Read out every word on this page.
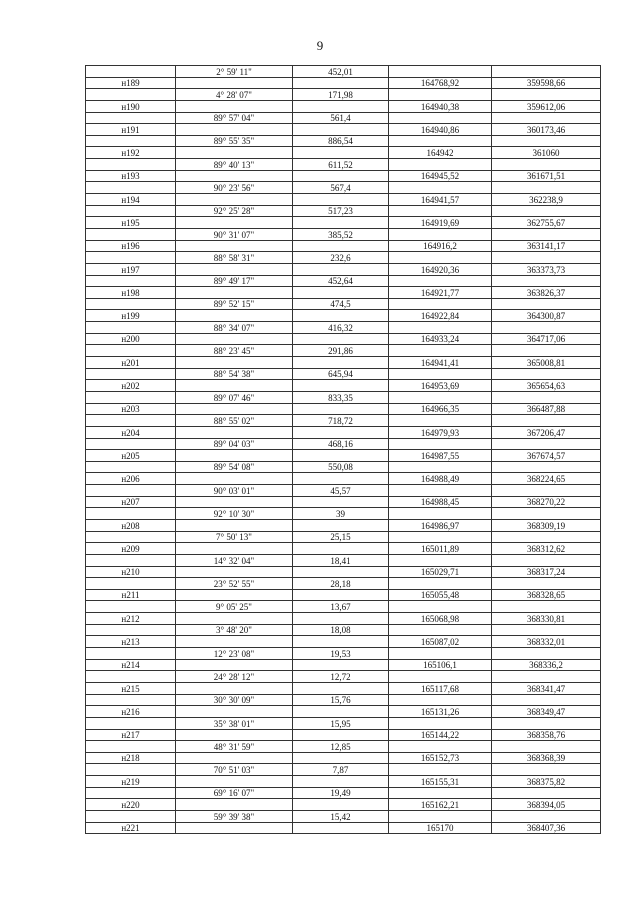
9
	2° 59' 11"	452,01		
н189			164768,92	359598,66
	4° 28' 07"	171,98		
н190			164940,38	359612,06
	89° 57' 04"	561,4		
н191			164940,86	360173,46
	89° 55' 35"	886,54		
н192			164942	361060
	89° 40' 13"	611,52		
н193			164945,52	361671,51
	90° 23' 56"	567,4		
н194			164941,57	362238,9
	92° 25' 28"	517,23		
н195			164919,69	362755,67
	90° 31' 07"	385,52		
н196			164916,2	363141,17
	88° 58' 31"	232,6		
н197			164920,36	363373,73
	89° 49' 17"	452,64		
н198			164921,77	363826,37
	89° 52' 15"	474,5		
н199			164922,84	364300,87
	88° 34' 07"	416,32		
н200			164933,24	364717,06
	88° 23' 45"	291,86		
н201			164941,41	365008,81
	88° 54' 38"	645,94		
н202			164953,69	365654,63
	89° 07' 46"	833,35		
н203			164966,35	366487,88
	88° 55' 02"	718,72		
н204			164979,93	367206,47
	89° 04' 03"	468,16		
н205			164987,55	367674,57
	89° 54' 08"	550,08		
н206			164988,49	368224,65
	90° 03' 01"	45,57		
н207			164988,45	368270,22
	92° 10' 30"	39		
н208			164986,97	368309,19
	7° 50' 13"	25,15		
н209			165011,89	368312,62
	14° 32' 04"	18,41		
н210			165029,71	368317,24
	23° 52' 55"	28,18		
н211			165055,48	368328,65
	9° 05' 25"	13,67		
н212			165068,98	368330,81
	3° 48' 20"	18,08		
н213			165087,02	368332,01
	12° 23' 08"	19,53		
н214			165106,1	368336,2
	24° 28' 12"	12,72		
н215			165117,68	368341,47
	30° 30' 09"	15,76		
н216			165131,26	368349,47
	35° 38' 01"	15,95		
н217			165144,22	368358,76
	48° 31' 59"	12,85		
н218			165152,73	368368,39
	70° 51' 03"	7,87		
н219			165155,31	368375,82
	69° 16' 07"	19,49		
н220			165162,21	368394,05
	59° 39' 38"	15,42		
н221			165170	368407,36
